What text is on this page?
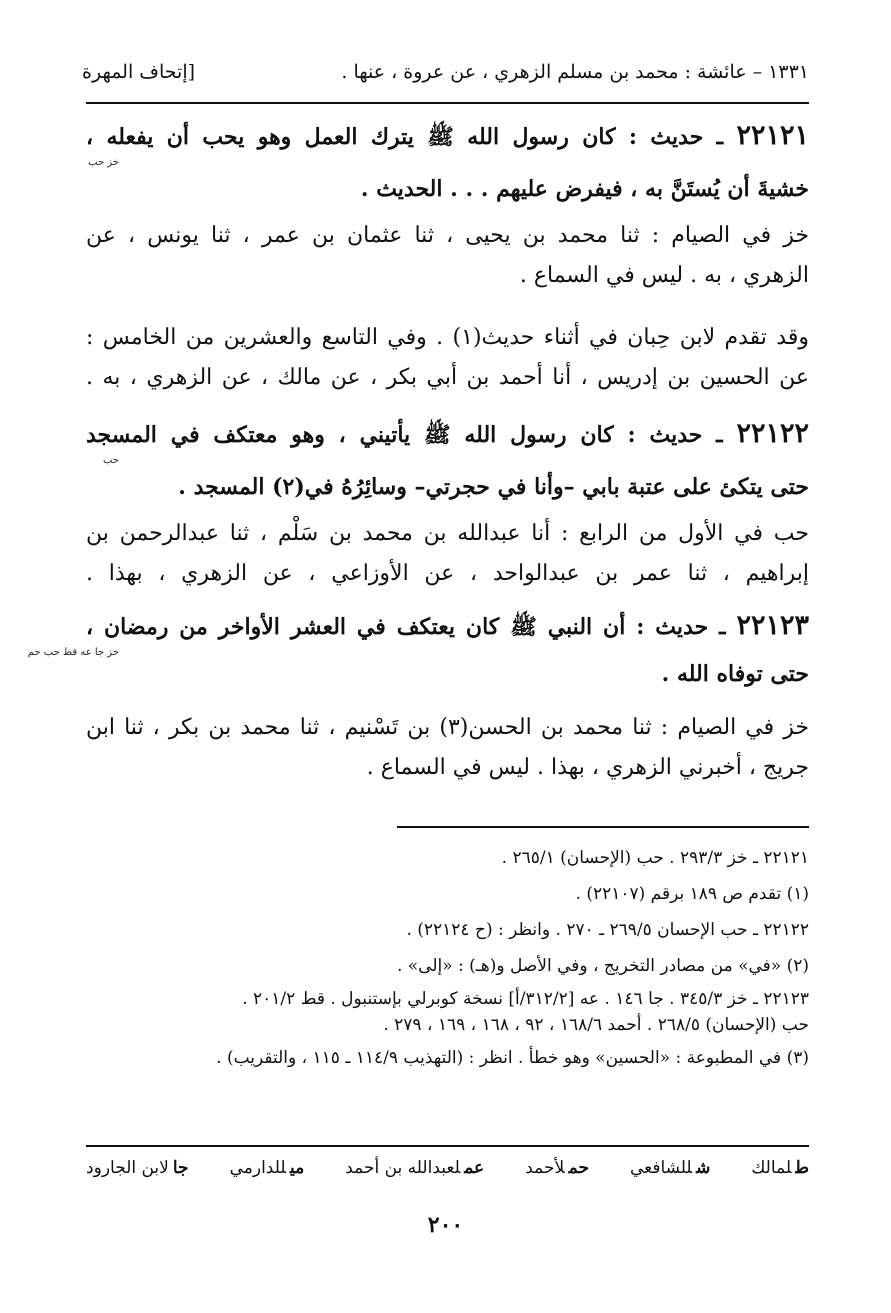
١٣٣١ – عائشة : محمد بن مسلم الزهري ، عن عروة ، عنها .
[إتحاف المهرة
٢٢١٢١ ـ حديث : كان رسول الله ﷺ يترك العمل وهو يحب أن يفعله ،
خز حب
خشيةَ أن يُستَنَّ به ، فيفرض عليهم . . . الحديث .
خز في الصيام : ثنا محمد بن يحيى ، ثنا عثمان بن عمر ، ثنا يونس ، عن
الزهري ، به . ليس في السماع .
وقد تقدم لابن حِبان في أثناء حديث(١) . وفي التاسع والعشرين من الخامس :
عن الحسين بن إدريس ، أنا أحمد بن أبي بكر ، عن مالك ، عن الزهري ، به .
٢٢١٢٢ ـ حديث : كان رسول الله ﷺ يأتيني ، وهو معتكف في المسجد
حب
حتى يتكئ على عتبة بابي –وأنا في حجرتي– وسائِرُهُ في(٢) المسجد .
حب في الأول من الرابع : أنا عبدالله بن محمد بن سَلْم ، ثنا عبدالرحمن بن
إبراهيم ، ثنا عمر بن عبدالواحد ، عن الأوزاعي ، عن الزهري ، بهذا .
٢٢١٢٣ ـ حديث : أن النبي ﷺ كان يعتكف في العشر الأواخر من رمضان ،
خز جا عه قط حب حم
حتى توفاه الله .
خز في الصيام : ثنا محمد بن الحسن(٣) بن تَسْنيم ، ثنا محمد بن بكر ، ثنا ابن
جريج ، أخبرني الزهري ، بهذا . ليس في السماع .
٢٢١٢١ ـ خز ٢٩٣/٣ . حب (الإحسان) ٢٦٥/١ .
(١) تقدم ص ١٨٩ برقم (٢٢١٠٧) .
٢٢١٢٢ ـ حب الإحسان ٢٦٩/٥ ـ ٢٧٠ . وانظر : (ح ٢٢١٢٤) .
(٢) «في» من مصادر التخريج ، وفي الأصل و(هـ) : «إلى» .
٢٢١٢٣ ـ خز ٣٤٥/٣ . جا ١٤٦ . عه [٣١٢/٢/أ] نسخة كوبرلي بإستنبول . قط ٢٠١/٢ .
حب (الإحسان) ٢٦٨/٥ . أحمد ١٦٨/٦ ، ٩٢ ، ١٦٨ ، ١٦٩ ، ٢٧٩ .
(٣) في المطبوعة : «الحسين» وهو خطأ . انظر : (التهذيب ١١٤/٩ ـ ١١٥ ، والتقريب) .
طلمالك
شللشافعي
حملأحمد
عملعبدالله بن أحمد
ميللدارمي
جالابن الجارود
٢٠٠
